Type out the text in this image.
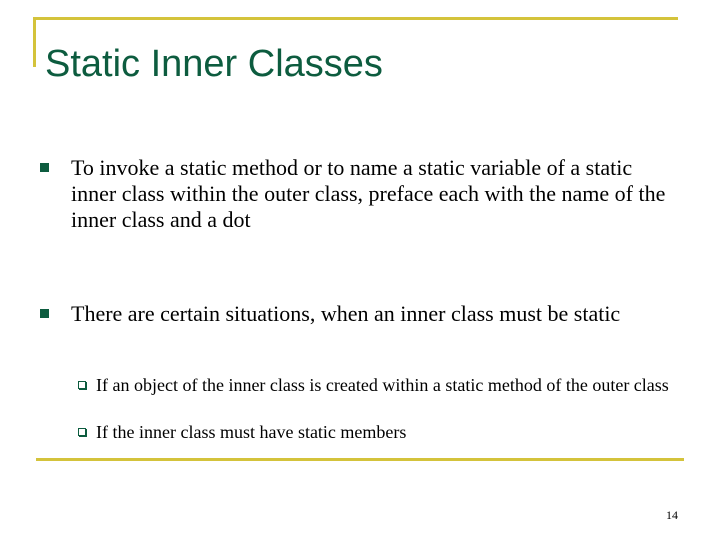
Static Inner Classes
To invoke a static method or to name a static variable of a static inner class within the outer class, preface each with the name of the inner class and a dot
There are certain situations, when an inner class must be static
If an object of the inner class is created within a static method of the outer class
If the inner class must have static members
14
